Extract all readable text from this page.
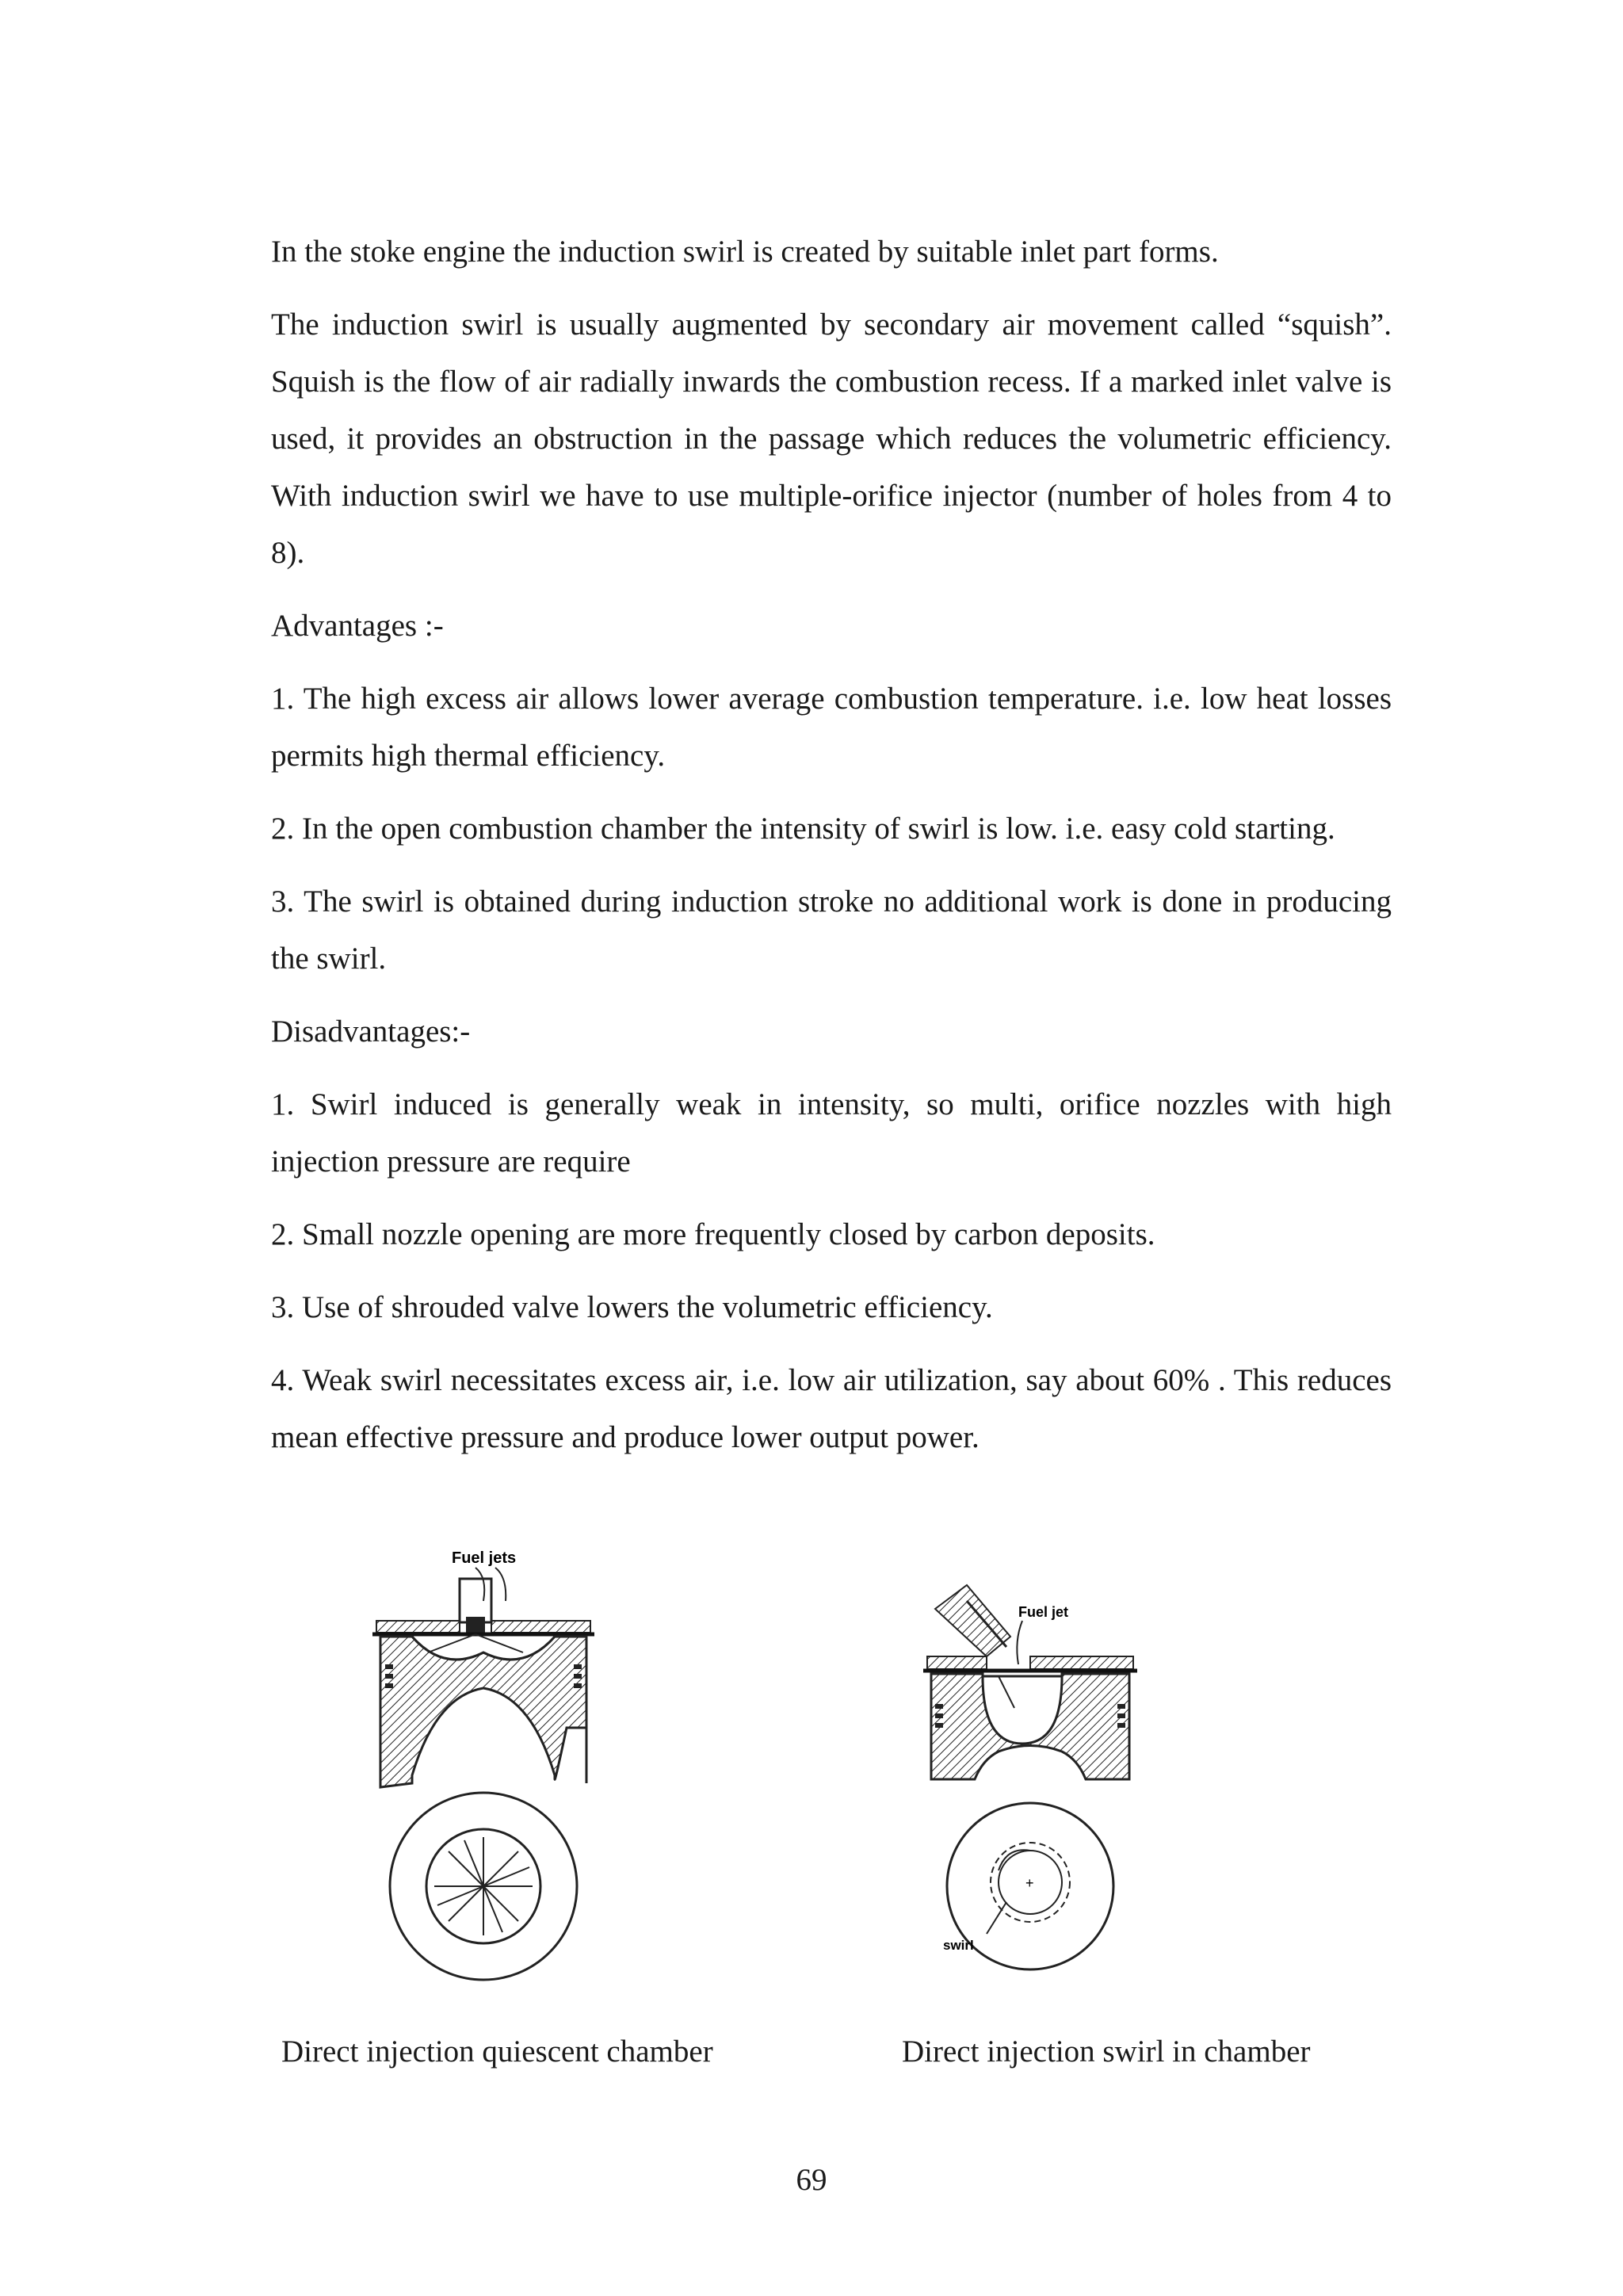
In the stoke engine the induction swirl is created by suitable inlet part forms.

The induction swirl is usually augmented by secondary air movement called “squish”. Squish is the flow of air radially inwards the combustion recess. If a marked inlet valve is used, it provides an obstruction in the passage which reduces the volumetric efficiency. With induction swirl we have to use multiple-orifice injector (number of holes from 4 to 8).

Advantages :-

1. The high excess air allows lower average combustion temperature. i.e. low heat losses permits high thermal efficiency.

2. In the open combustion chamber the intensity of swirl is low. i.e. easy cold starting.

3. The swirl is obtained during induction stroke no additional work is done in producing the swirl.

Disadvantages:-

1. Swirl induced is generally weak in intensity, so multi, orifice nozzles with high injection pressure are require

2. Small nozzle opening are more frequently closed by carbon deposits.

3. Use of shrouded valve lowers the volumetric efficiency.

4. Weak swirl necessitates excess air, i.e. low air utilization, say about 60% . This reduces mean effective pressure and produce lower output power.

Fuel jets
Fuel jet
+
swirl
Direct injection quiescent chamber	Direct injection swirl in chamber
69
